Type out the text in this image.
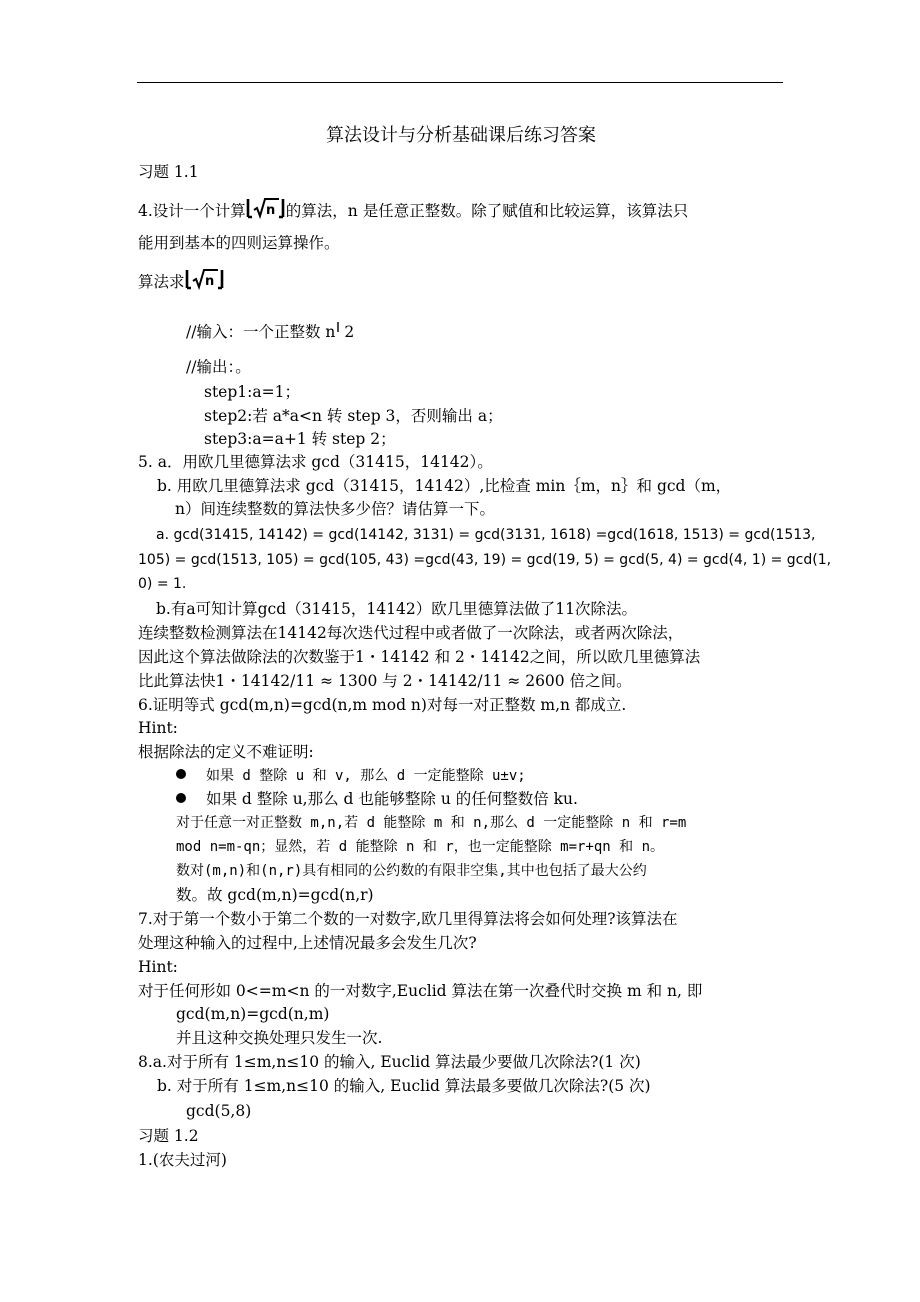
算法设计与分析基础课后练习答案
习题 1.1
4.设计一个计算 n 的算法，n 是任意正整数。除了赋值和比较运算，该算法只
能用到基本的四则运算操作。
算法求 n
//输入：一个正整数 n 2
//输出：。
step1:a=1；
step2:若 a*a<n 转 step 3，否则输出 a；
step3:a=a+1 转 step 2；
5. a．用欧几里德算法求 gcd（31415，14142）。
b. 用欧几里德算法求 gcd（31415，14142）,比检查 min｛m，n｝和 gcd（m，
n）间连续整数的算法快多少倍？请估算一下。
a. gcd(31415, 14142) = gcd(14142, 3131) = gcd(3131, 1618) =gcd(1618, 1513) = gcd(1513,
105) = gcd(1513, 105) = gcd(105, 43) =gcd(43, 19) = gcd(19, 5) = gcd(5, 4) = gcd(4, 1) = gcd(1,
0) = 1.
b.有a可知计算gcd（31415，14142）欧几里德算法做了11次除法。
连续整数检测算法在14142每次迭代过程中或者做了一次除法，或者两次除法，
因此这个算法做除法的次数鉴于1・14142 和 2・14142之间，所以欧几里德算法
比此算法快1・14142/11 ≈ 1300 与 2・14142/11 ≈ 2600 倍之间。
6.证明等式 gcd(m,n)=gcd(n,m mod n)对每一对正整数 m,n 都成立.
Hint:
根据除法的定义不难证明:
如果 d 整除 u 和 v, 那么 d 一定能整除 u±v;
如果 d 整除 u,那么 d 也能够整除 u 的任何整数倍 ku.
对于任意一对正整数 m,n,若 d 能整除 m 和 n,那么 d 一定能整除 n 和 r=m
mod n=m-qn；显然，若 d 能整除 n 和 r，也一定能整除 m=r+qn 和 n。
数对(m,n)和(n,r)具有相同的公约数的有限非空集,其中也包括了最大公约
数。故 gcd(m,n)=gcd(n,r)
7.对于第一个数小于第二个数的一对数字,欧几里得算法将会如何处理?该算法在
处理这种输入的过程中,上述情况最多会发生几次?
Hint:
对于任何形如 0<=m<n 的一对数字,Euclid 算法在第一次叠代时交换 m 和 n, 即
gcd(m,n)=gcd(n,m)
并且这种交换处理只发生一次.
8.a.对于所有 1≤m,n≤10 的输入, Euclid 算法最少要做几次除法?(1 次)
b. 对于所有 1≤m,n≤10 的输入, Euclid 算法最多要做几次除法?(5 次)
gcd(5,8)
习题 1.2
1.(农夫过河)
